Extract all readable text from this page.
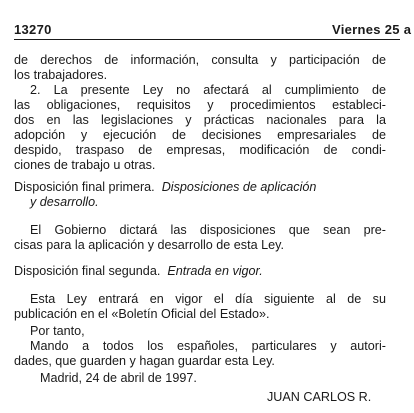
13270	Viernes 25 a
de derechos de información, consulta y participación de
los trabajadores.
2. La presente Ley no afectará al cumplimiento de
las obligaciones, requisitos y procedimientos estableci-
dos en las legislaciones y prácticas nacionales para la
adopción y ejecución de decisiones empresariales de
despido, traspaso de empresas, modificación de condi-
ciones de trabajo u otras.
Disposición final primera. Disposiciones de aplicación
y desarrollo.
El Gobierno dictará las disposiciones que sean pre-
cisas para la aplicación y desarrollo de esta Ley.
Disposición final segunda. Entrada en vigor.
Esta Ley entrará en vigor el día siguiente al de su
publicación en el «Boletín Oficial del Estado».
Por tanto,
Mando a todos los españoles, particulares y autori-
dades, que guarden y hagan guardar esta Ley.
Madrid, 24 de abril de 1997.
JUAN CARLOS R.
